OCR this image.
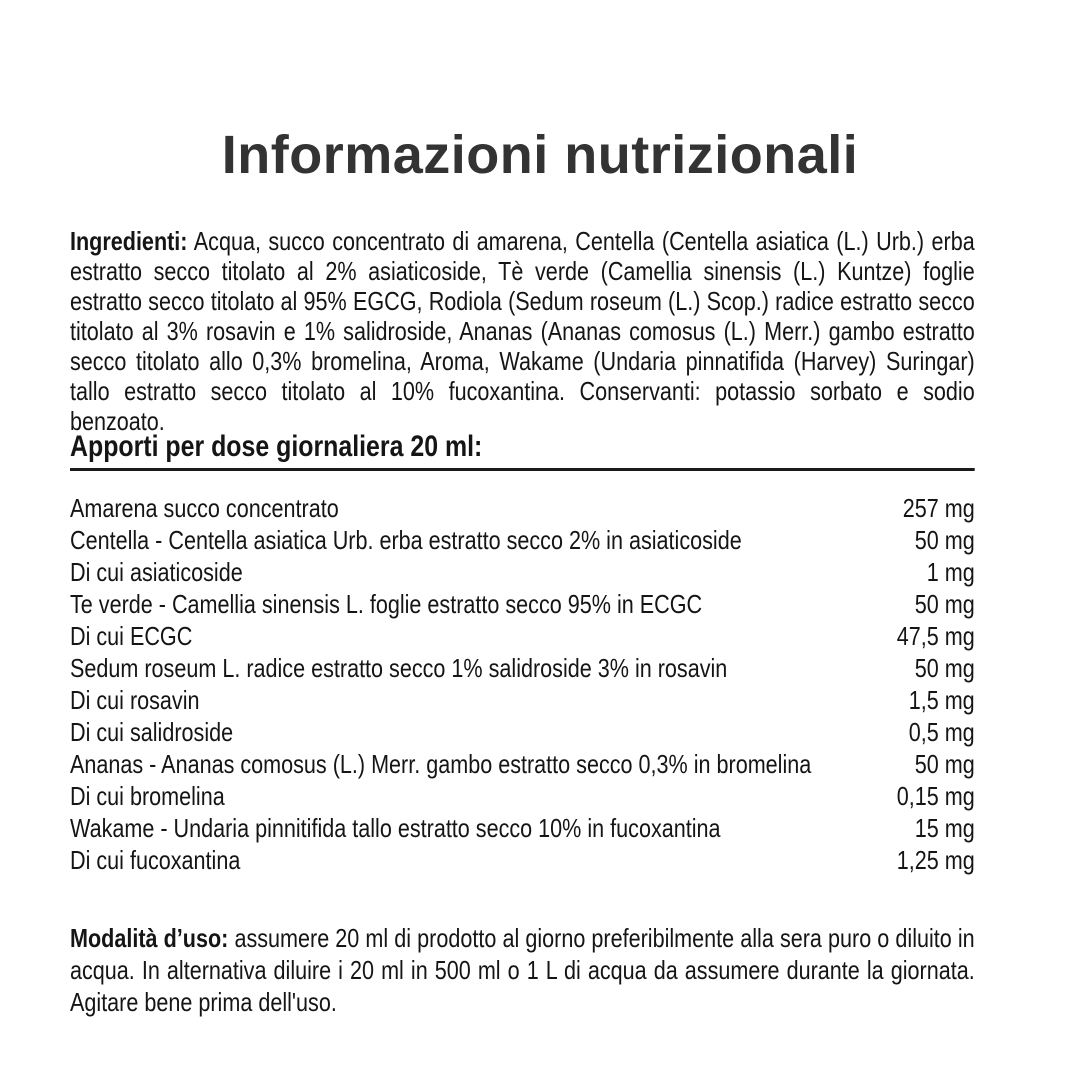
Informazioni nutrizionali

Ingredienti: Acqua, succo concentrato di amarena, Centella (Centella asiatica (L.) Urb.) erba estratto secco titolato al 2% asiaticoside, Tè verde (Camellia sinensis (L.) Kuntze) foglie estratto secco titolato al 95% EGCG, Rodiola (Sedum roseum (L.) Scop.) radice estratto secco titolato al 3% rosavin e 1% salidroside, Ananas (Ananas comosus (L.) Merr.) gambo estratto secco titolato allo 0,3% bromelina, Aroma, Wakame (Undaria pinnatifida (Harvey) Suringar) tallo estratto secco titolato al 10% fucoxantina. Conservanti: potassio sorbato e sodio benzoato.

Apporti per dose giornaliera 20 ml:
Amarena succo concentrato	257 mg
Centella - Centella asiatica Urb. erba estratto secco 2% in asiaticoside	50 mg
Di cui asiaticoside	1 mg
Te verde - Camellia sinensis L. foglie estratto secco 95% in ECGC	50 mg
Di cui ECGC	47,5 mg
Sedum roseum L. radice estratto secco 1% salidroside 3% in rosavin	50 mg
Di cui rosavin	1,5 mg
Di cui salidroside	0,5 mg
Ananas - Ananas comosus (L.) Merr. gambo estratto secco 0,3% in bromelina	50 mg
Di cui bromelina	0,15 mg
Wakame - Undaria pinnitifida tallo estratto secco 10% in fucoxantina	15 mg
Di cui fucoxantina	1,25 mg

Modalità d’uso: assumere 20 ml di prodotto al giorno preferibilmente alla sera puro o diluito in acqua. In alternativa diluire i 20 ml in 500 ml o 1 L di acqua da assumere durante la giornata. Agitare bene prima dell'uso.
